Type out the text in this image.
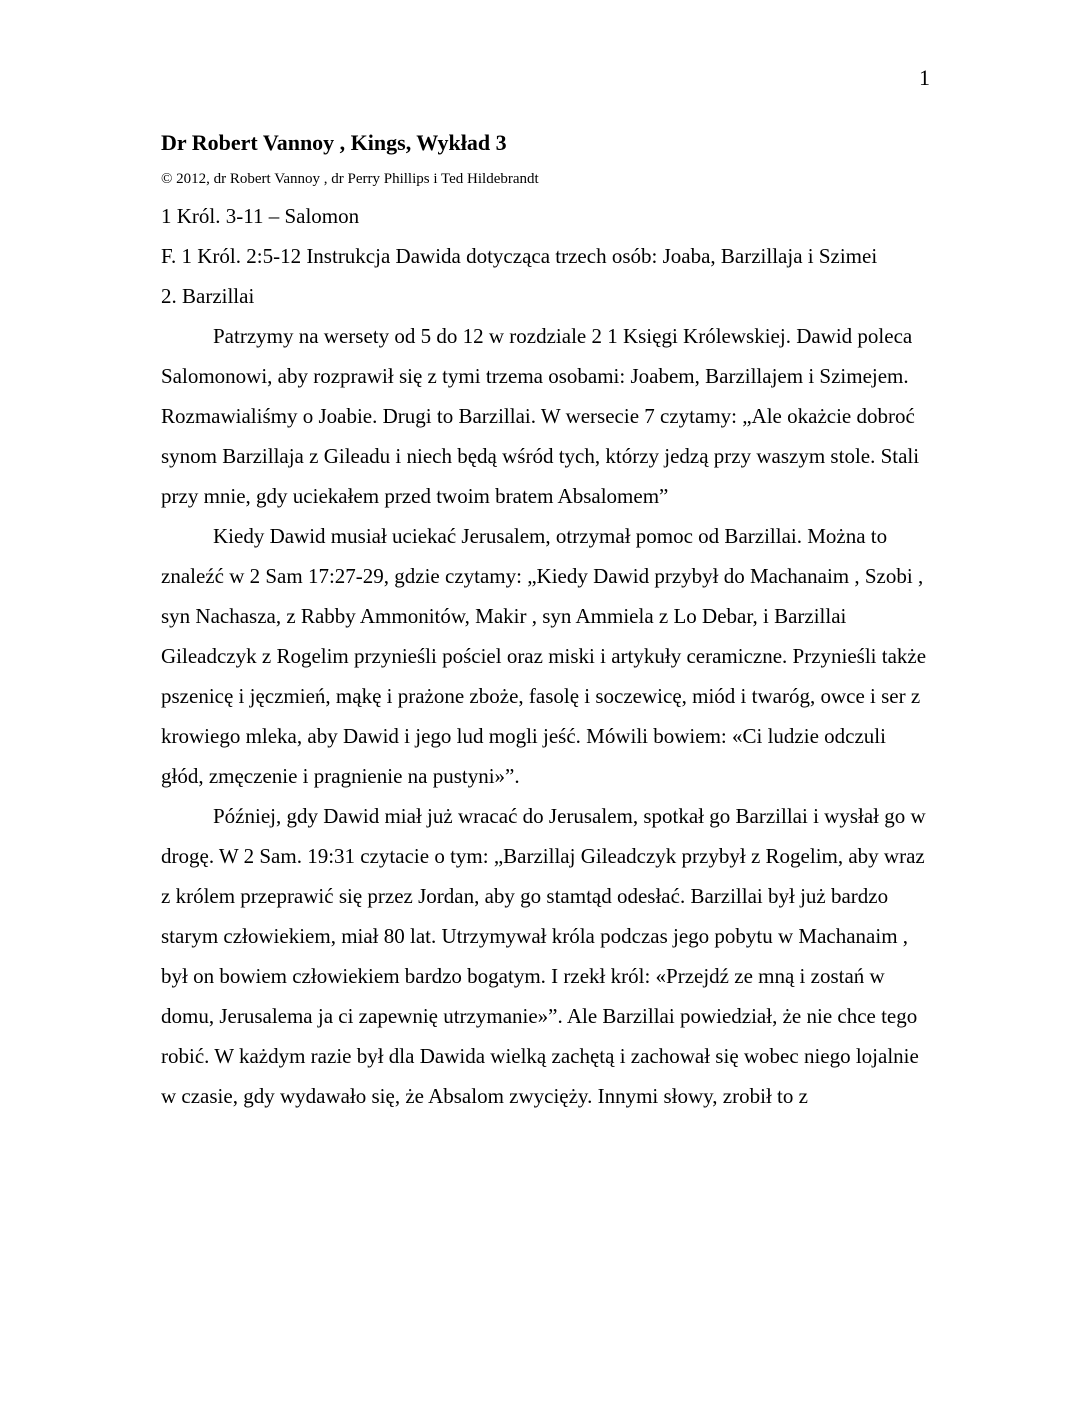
1
Dr Robert Vannoy , Kings, Wykład 3

© 2012, dr Robert Vannoy , dr Perry Phillips i Ted Hildebrandt

1 Król. 3-11 – Salomon

F. 1 Król. 2:5-12 Instrukcja Dawida dotycząca trzech osób: Joaba, Barzillaja i Szimei

2. Barzillai

Patrzymy na wersety od 5 do 12 w rozdziale 2 1 Księgi Królewskiej. Dawid poleca Salomonowi, aby rozprawił się z tymi trzema osobami: Joabem, Barzillajem i Szimejem. Rozmawialiśmy o Joabie. Drugi to Barzillai. W wersecie 7 czytamy: „Ale okażcie dobroć synom Barzillaja z Gileadu i niech będą wśród tych, którzy jedzą przy waszym stole. Stali przy mnie, gdy uciekałem przed twoim bratem Absalomem”

Kiedy Dawid musiał uciekać Jerusalem, otrzymał pomoc od Barzillai. Można to znaleźć w 2 Sam 17:27-29, gdzie czytamy: „Kiedy Dawid przybył do Machanaim , Szobi , syn Nachasza, z Rabby Ammonitów, Makir , syn Ammiela z Lo Debar, i Barzillai Gileadczyk z Rogelim przynieśli pościel oraz miski i artykuły ceramiczne. Przynieśli także pszenicę i jęczmień, mąkę i prażone zboże, fasolę i soczewicę, miód i twaróg, owce i ser z krowiego mleka, aby Dawid i jego lud mogli jeść. Mówili bowiem: «Ci ludzie odczuli głód, zmęczenie i pragnienie na pustyni»”.

Później, gdy Dawid miał już wracać do Jerusalem, spotkał go Barzillai i wysłał go w drogę. W 2 Sam. 19:31 czytacie o tym: „Barzillaj Gileadczyk przybył z Rogelim, aby wraz z królem przeprawić się przez Jordan, aby go stamtąd odesłać. Barzillai był już bardzo starym człowiekiem, miał 80 lat. Utrzymywał króla podczas jego pobytu w Machanaim , był on bowiem człowiekiem bardzo bogatym. I rzekł król: «Przejdź ze mną i zostań w domu, Jerusalema ja ci zapewnię utrzymanie»”. Ale Barzillai powiedział, że nie chce tego robić. W każdym razie był dla Dawida wielką zachętą i zachował się wobec niego lojalnie w czasie, gdy wydawało się, że Absalom zwycięży. Innymi słowy, zrobił to z
